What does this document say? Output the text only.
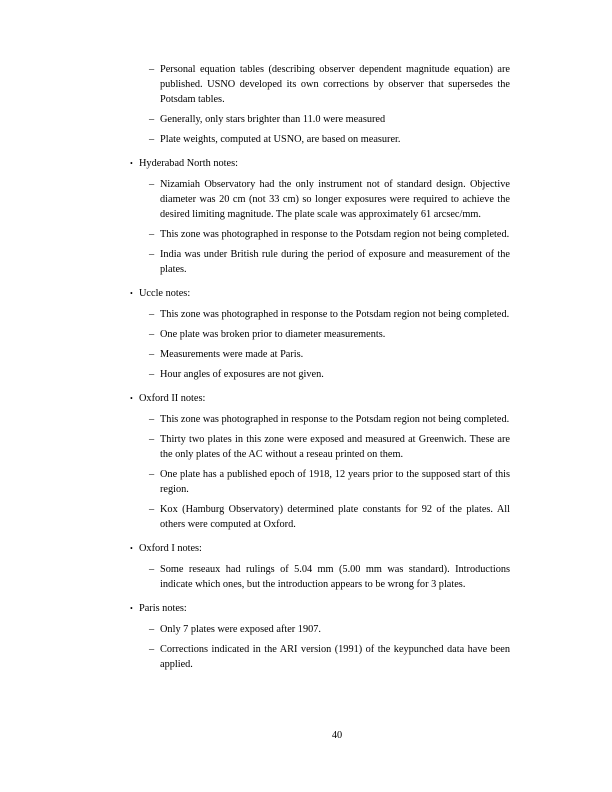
– Personal equation tables (describing observer dependent magnitude equation) are published. USNO developed its own corrections by observer that supersedes the Potsdam tables.
– Generally, only stars brighter than 11.0 were measured
– Plate weights, computed at USNO, are based on measurer.
• Hyderabad North notes:
– Nizamiah Observatory had the only instrument not of standard design. Objective diameter was 20 cm (not 33 cm) so longer exposures were required to achieve the desired limiting magnitude. The plate scale was approximately 61 arcsec/mm.
– This zone was photographed in response to the Potsdam region not being completed.
– India was under British rule during the period of exposure and measurement of the plates.
• Uccle notes:
– This zone was photographed in response to the Potsdam region not being completed.
– One plate was broken prior to diameter measurements.
– Measurements were made at Paris.
– Hour angles of exposures are not given.
• Oxford II notes:
– This zone was photographed in response to the Potsdam region not being completed.
– Thirty two plates in this zone were exposed and measured at Greenwich. These are the only plates of the AC without a reseau printed on them.
– One plate has a published epoch of 1918, 12 years prior to the supposed start of this region.
– Kox (Hamburg Observatory) determined plate constants for 92 of the plates. All others were computed at Oxford.
• Oxford I notes:
– Some reseaux had rulings of 5.04 mm (5.00 mm was standard). Introductions indicate which ones, but the introduction appears to be wrong for 3 plates.
• Paris notes:
– Only 7 plates were exposed after 1907.
– Corrections indicated in the ARI version (1991) of the keypunched data have been applied.
40
